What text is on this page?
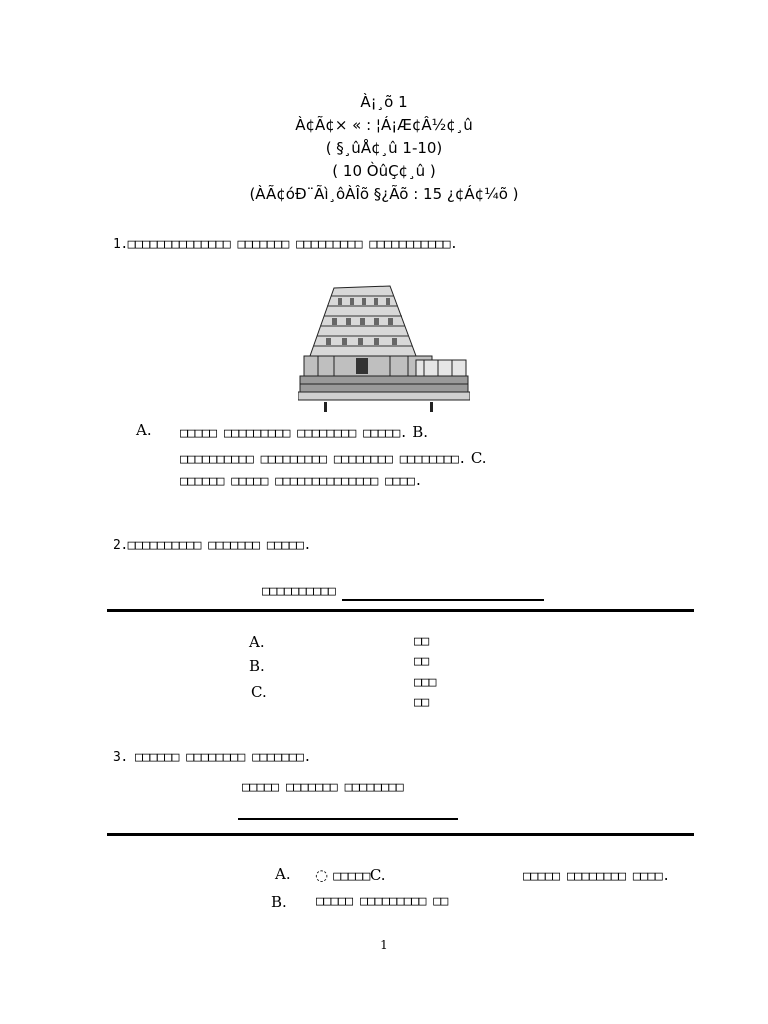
À¡¸õ 1
À¢Ã¢× « : ¦Á¡Æ¢Â½¢¸û
( §¸ûÅ¢¸û 1-10)
( 10 ÒûÇ¢¸û )
(ÀÃ¢óÐ¨Ãì¸ôÀÎõ §¿Ãõ : 15 ¿¢Á¢¼õ )
1.□□□□□□□□□□□□□□ □□□□□□□ □□□□□□□□□ □□□□□□□□□□□.
A. □□□□□ □□□□□□□□□ □□□□□□□□ □□□□□. B.
□□□□□□□□□□ □□□□□□□□□ □□□□□□□□ □□□□□□□□. C.
□□□□□□ □□□□□ □□□□□□□□□□□□□□ □□□□.
2.□□□□□□□□□□ □□□□□□□ □□□□□.
□□□□□□□□□□
A.
B.
C.
□□
□□
□□□
□□
3. □□□□□□ □□□□□□□□ □□□□□□□.
□□□□□ □□□□□□□ □□□□□□□□
A. ◌ □□□□□C.	□□□□□ □□□□□□□□ □□□□.
B. □□□□□ □□□□□□□□□ □□
1
